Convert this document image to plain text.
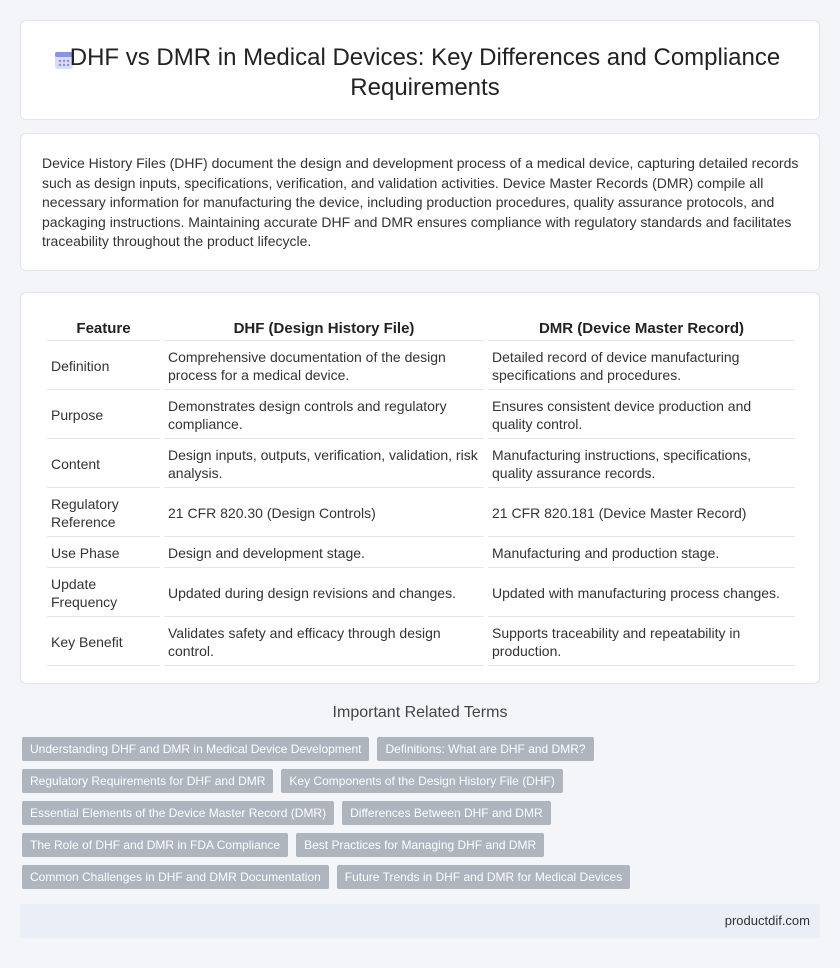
DHF vs DMR in Medical Devices: Key Differences and Compliance Requirements

Device History Files (DHF) document the design and development process of a medical device, capturing detailed records such as design inputs, specifications, verification, and validation activities. Device Master Records (DMR) compile all necessary information for manufacturing the device, including production procedures, quality assurance protocols, and packaging instructions. Maintaining accurate DHF and DMR ensures compliance with regulatory standards and facilitates traceability throughout the product lifecycle.

Feature	DHF (Design History File)	DMR (Device Master Record)
Definition	Comprehensive documentation of the design process for a medical device.	Detailed record of device manufacturing specifications and procedures.
Purpose	Demonstrates design controls and regulatory compliance.	Ensures consistent device production and quality control.
Content	Design inputs, outputs, verification, validation, risk analysis.	Manufacturing instructions, specifications, quality assurance records.
Regulatory Reference	21 CFR 820.30 (Design Controls)	21 CFR 820.181 (Device Master Record)
Use Phase	Design and development stage.	Manufacturing and production stage.
Update Frequency	Updated during design revisions and changes.	Updated with manufacturing process changes.
Key Benefit	Validates safety and efficacy through design control.	Supports traceability and repeatability in production.
Important Related Terms
Understanding DHF and DMR in Medical Device Development	Definitions: What are DHF and DMR?
Regulatory Requirements for DHF and DMR	Key Components of the Design History File (DHF)
Essential Elements of the Device Master Record (DMR)	Differences Between DHF and DMR
The Role of DHF and DMR in FDA Compliance	Best Practices for Managing DHF and DMR
Common Challenges in DHF and DMR Documentation	Future Trends in DHF and DMR for Medical Devices
productdif.com
